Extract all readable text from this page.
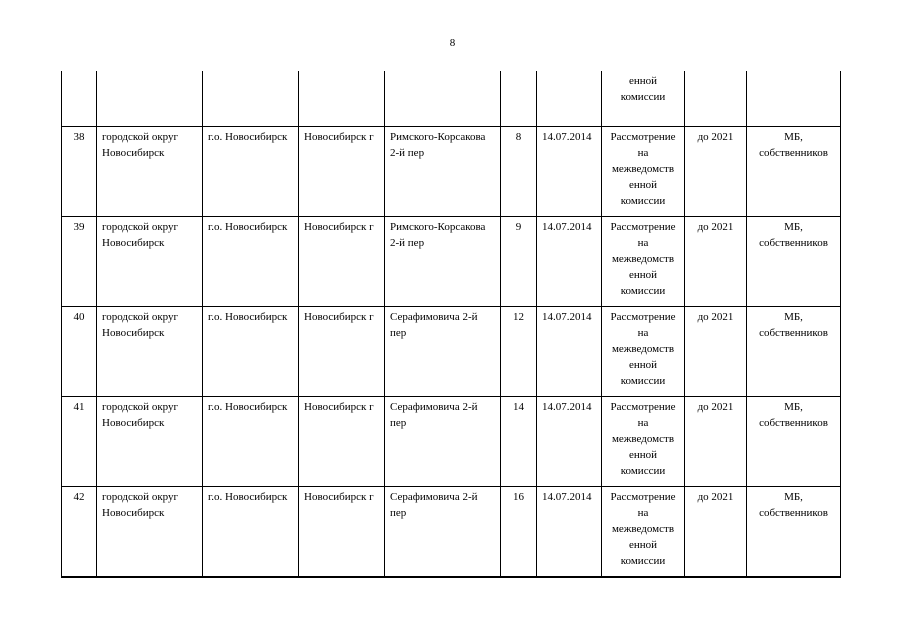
8

							енной
комиссии		

38	городской округ Новосибирск	г.о. Новосибирск	Новосибирск г	Римского-Корсакова 2-й пер	8	14.07.2014	Рассмотрение
на
межведомств
енной
комиссии	до 2021	МБ, собственников
39	городской округ Новосибирск	г.о. Новосибирск	Новосибирск г	Римского-Корсакова 2-й пер	9	14.07.2014	Рассмотрение
на
межведомств
енной
комиссии	до 2021	МБ, собственников
40	городской округ Новосибирск	г.о. Новосибирск	Новосибирск г	Серафимовича 2-й пер	12	14.07.2014	Рассмотрение
на
межведомств
енной
комиссии	до 2021	МБ, собственников
41	городской округ Новосибирск	г.о. Новосибирск	Новосибирск г	Серафимовича 2-й пер	14	14.07.2014	Рассмотрение
на
межведомств
енной
комиссии	до 2021	МБ, собственников
42	городской округ Новосибирск	г.о. Новосибирск	Новосибирск г	Серафимовича 2-й пер	16	14.07.2014	Рассмотрение
на
межведомств
енной
комиссии	до 2021	МБ, собственников
